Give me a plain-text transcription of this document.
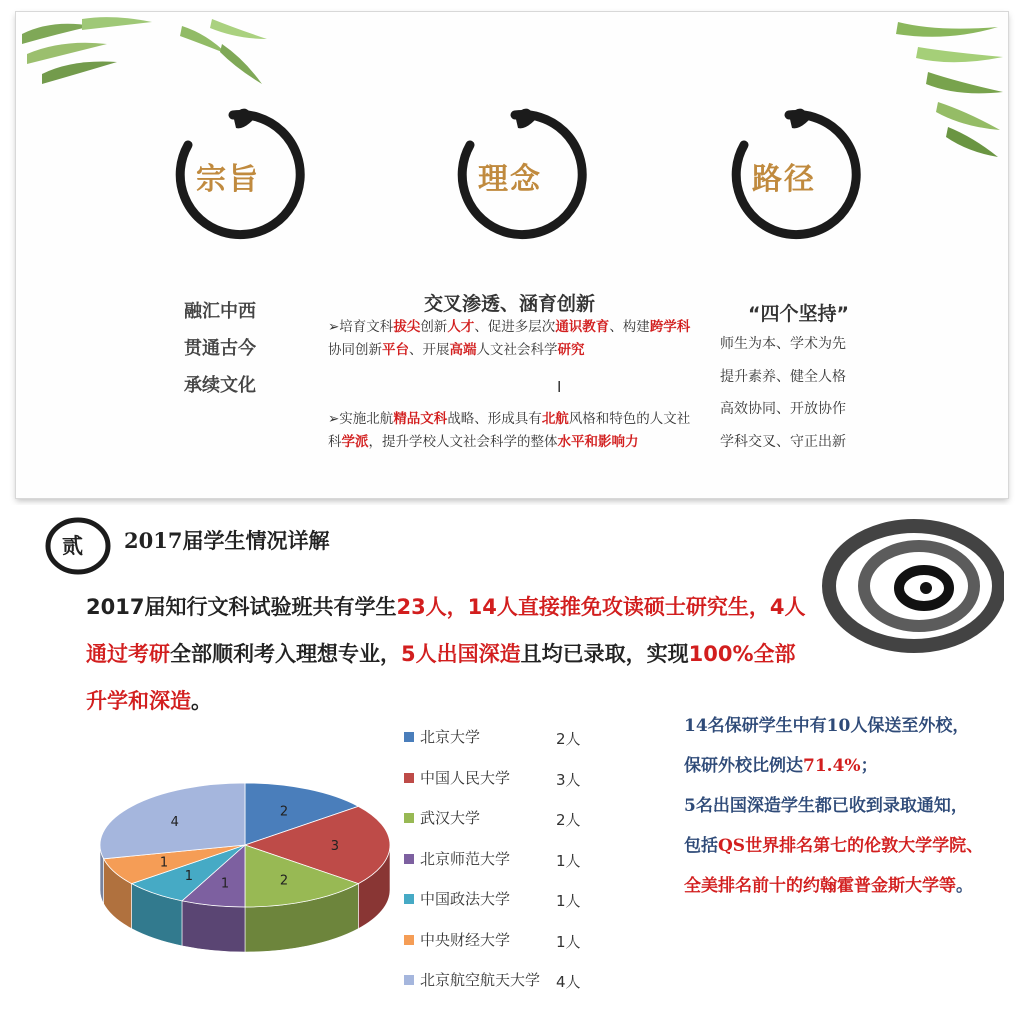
宗旨	理念	路径
融汇中西
贯通古今
承续文化
交叉渗透、涵育创新
➢培育文科拔尖创新人才、促进多层次通识教育、构建跨学科协同创新平台、开展高端人文社会科学研究
➢实施北航精品文科战略、形成具有北航风格和特色的人文社科学派，提升学校人文社会科学的整体水平和影响力
I
“四个坚持”
师生为本、学术为先
提升素养、健全人格
高效协同、开放协作
学科交叉、守正出新
贰 2017届学生情况详解
2017届知行文科试验班共有学生23人，14人直接推免攻读硕士研究生，4人通过考研全部顺利考入理想专业，5人出国深造且均已录取，实现100%全部升学和深造。
2
3
2
1
1
1
4
北京大学	2人
中国人民大学	3人
武汉大学	2人
北京师范大学	1人
中国政法大学	1人
中央财经大学	1人
北京航空航天大学 4人
14名保研学生中有10人保送至外校，保研外校比例达71.4%；
5名出国深造学生都已收到录取通知，包括QS世界排名第七的伦敦大学学院、全美排名前十的约翰霍普金斯大学等。
